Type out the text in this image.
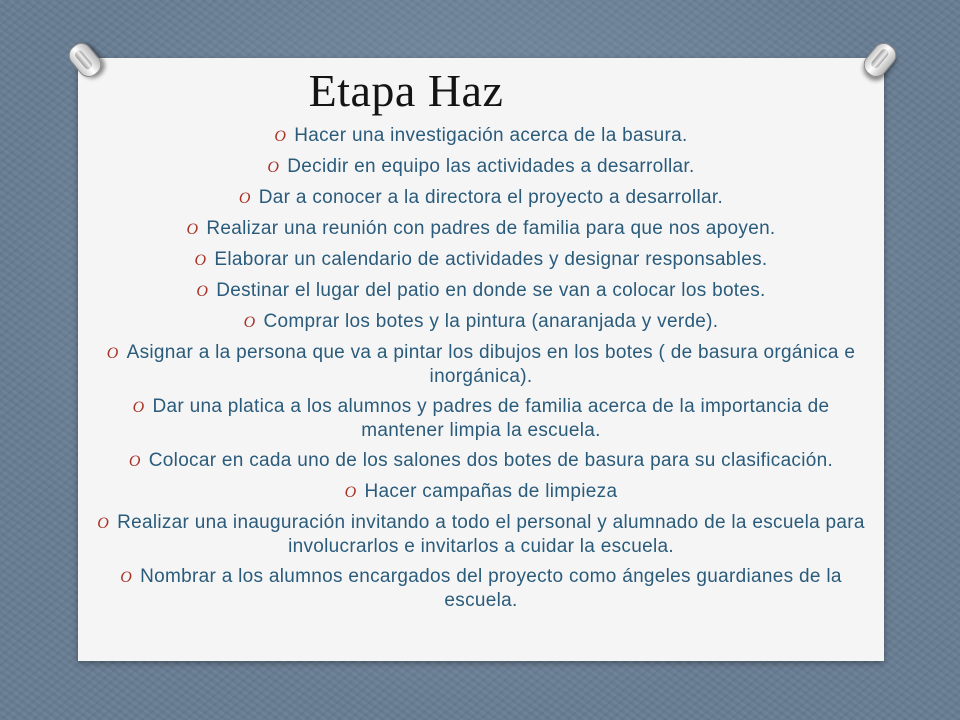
Etapa Haz
O Hacer una investigación acerca de la basura.
O Decidir en equipo las actividades a desarrollar.
O Dar a conocer a la directora el proyecto a desarrollar.
O Realizar una reunión con padres de familia para que nos apoyen.
O Elaborar un calendario de actividades y designar responsables.
O Destinar el lugar del patio en donde se van a colocar los botes.
O Comprar los botes y la pintura (anaranjada y verde).
O Asignar a la persona que va a pintar los dibujos en los botes ( de basura orgánica e inorgánica).
O Dar una platica a los alumnos y padres de familia acerca de la importancia de mantener limpia la escuela.
O Colocar en cada uno de los salones dos botes de basura para su clasificación.
O Hacer campañas de limpieza
O Realizar una inauguración invitando a todo el personal y alumnado de la escuela para involucrarlos e invitarlos a cuidar la escuela.
O Nombrar a los alumnos encargados del proyecto como ángeles guardianes de la escuela.
